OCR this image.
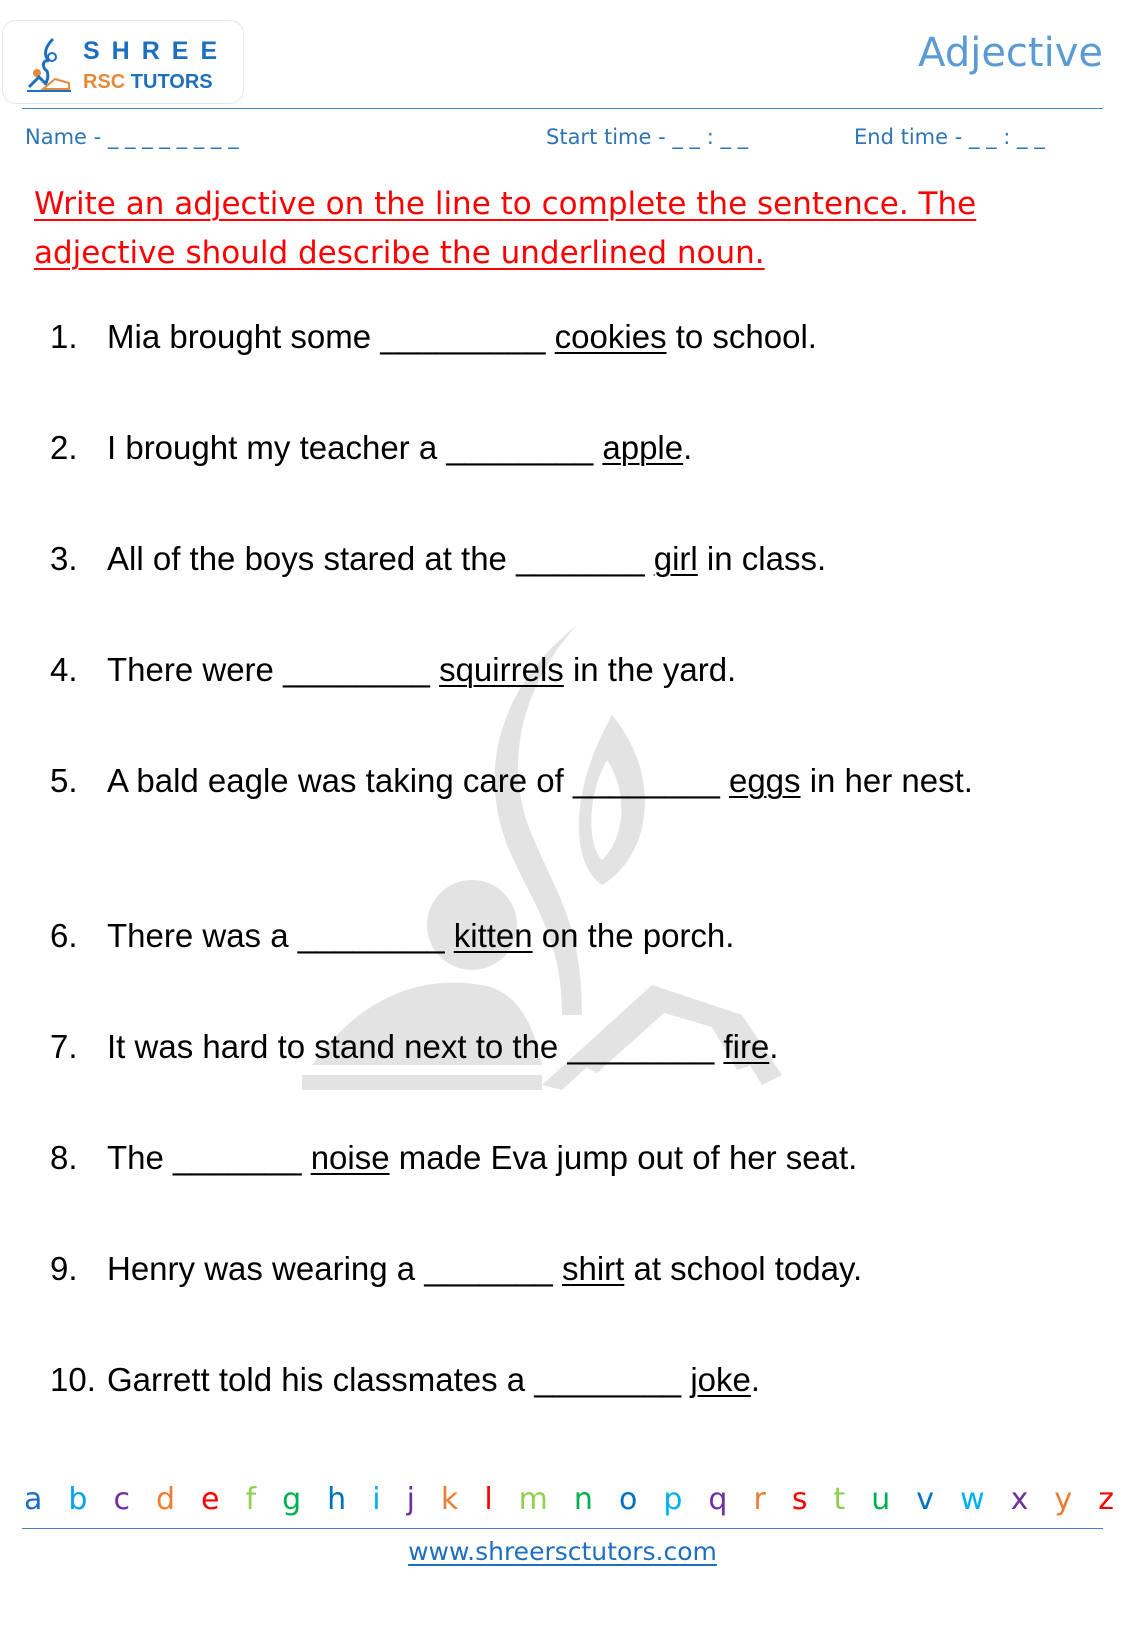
SHREE
RSC TUTORS
Adjective
Name - _ _ _ _ _ _ _ _	Start time - _ _ : _ _	End time - _ _ : _ _
Write an adjective on the line to complete the sentence. The adjective should describe the underlined noun.
1. Mia brought some _________ cookies to school.
2. I brought my teacher a ________ apple.
3. All of the boys stared at the _______ girl in class.
4. There were ________ squirrels in the yard.
5. A bald eagle was taking care of ________ eggs in her nest.
6. There was a ________ kitten on the porch.
7. It was hard to stand next to the ________ fire.
8. The _______ noise made Eva jump out of her seat.
9. Henry was wearing a _______ shirt at school today.
10. Garrett told his classmates a ________ joke.
a b c d e f g h i j k l m n o p q r s t u v w x y z
www.shreersctutors.com
